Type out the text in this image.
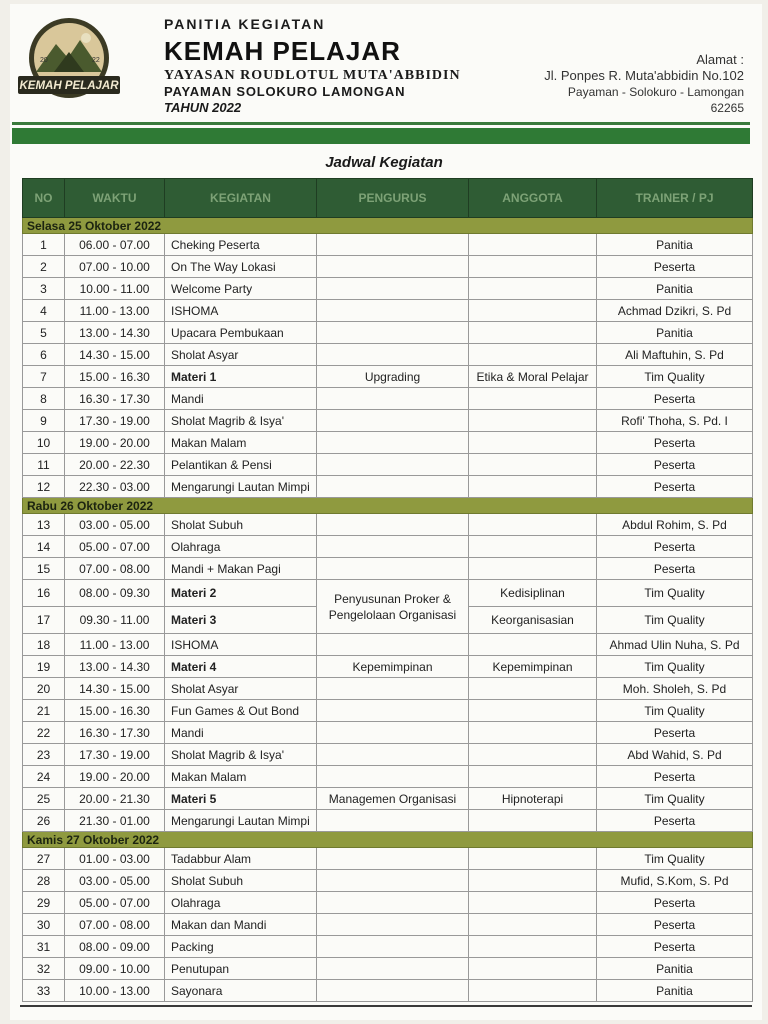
20	22
KEMAH PELAJAR
PANITIA KEGIATAN
KEMAH PELAJAR
YAYASAN ROUDLOTUL MUTA'ABBIDIN
PAYAMAN SOLOKURO LAMONGAN
TAHUN 2022
Alamat :
Jl. Ponpes R. Muta'abbidin No.102
Payaman - Solokuro - Lamongan
62265
Jadwal Kegiatan
NO	WAKTU	KEGIATAN	PENGURUS	ANGGOTA	TRAINER / PJ
Selasa 25 Oktober 2022					
1	06.00 - 07.00	Cheking Peserta			Panitia
2	07.00 - 10.00	On The Way Lokasi			Peserta
3	10.00 - 11.00	Welcome Party			Panitia
4	11.00 - 13.00	ISHOMA			Achmad Dzikri, S. Pd
5	13.00 - 14.30	Upacara Pembukaan			Panitia
6	14.30 - 15.00	Sholat Asyar			Ali Maftuhin, S. Pd
7	15.00 - 16.30	Materi 1	Upgrading	Etika & Moral Pelajar	Tim Quality
8	16.30 - 17.30	Mandi			Peserta
9	17.30 - 19.00	Sholat Magrib & Isya'			Rofi' Thoha, S. Pd. I
10	19.00 - 20.00	Makan Malam			Peserta
11	20.00 - 22.30	Pelantikan & Pensi			Peserta
12	22.30 - 03.00	Mengarungi Lautan Mimpi			Peserta
Rabu 26 Oktober 2022					
13	03.00 - 05.00	Sholat Subuh			Abdul Rohim, S. Pd
14	05.00 - 07.00	Olahraga			Peserta
15	07.00 - 08.00	Mandi + Makan Pagi			Peserta
16	08.00 - 09.30	Materi 2	Penyusunan Proker &
Pengelolaan Organisasi	Kedisiplinan	Tim Quality
17	09.30 - 11.00	Materi 3		Keorganisasian	Tim Quality
18	11.00 - 13.00	ISHOMA			Ahmad Ulin Nuha, S. Pd
19	13.00 - 14.30	Materi 4	Kepemimpinan	Kepemimpinan	Tim Quality
20	14.30 - 15.00	Sholat Asyar			Moh. Sholeh, S. Pd
21	15.00 - 16.30	Fun Games & Out Bond			Tim Quality
22	16.30 - 17.30	Mandi			Peserta
23	17.30 - 19.00	Sholat Magrib & Isya'			Abd Wahid, S. Pd
24	19.00 - 20.00	Makan Malam			Peserta
25	20.00 - 21.30	Materi 5	Managemen Organisasi	Hipnoterapi	Tim Quality
26	21.30 - 01.00	Mengarungi Lautan Mimpi			Peserta
Kamis 27 Oktober 2022					
27	01.00 - 03.00	Tadabbur Alam			Tim Quality
28	03.00 - 05.00	Sholat Subuh			Mufid, S.Kom, S. Pd
29	05.00 - 07.00	Olahraga			Peserta
30	07.00 - 08.00	Makan dan Mandi			Peserta
31	08.00 - 09.00	Packing			Peserta
32	09.00 - 10.00	Penutupan			Panitia
33	10.00 - 13.00	Sayonara			Panitia
